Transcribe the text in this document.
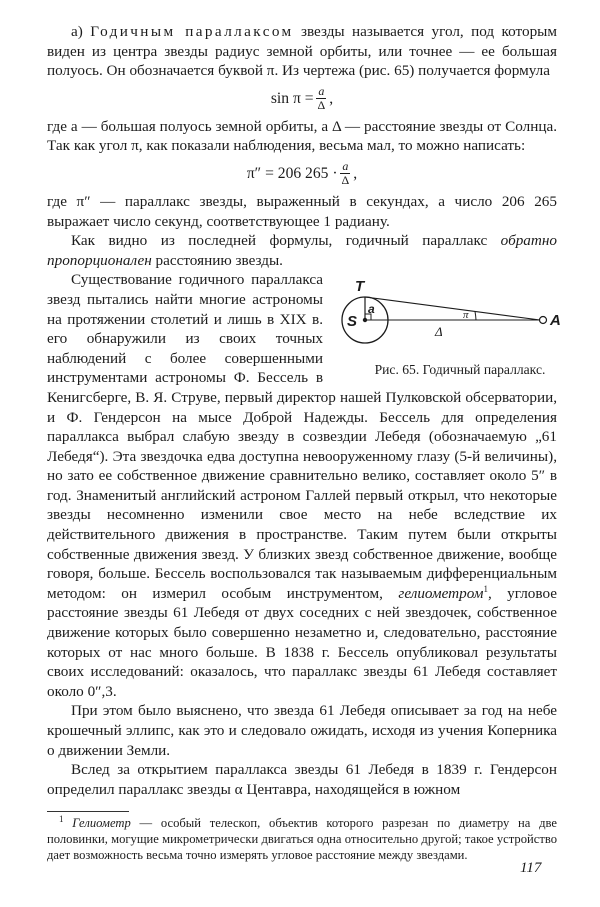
а) Годичным параллаксом звезды называется угол, под которым виден из центра звезды радиус земной орбиты, или точнее — ее большая полуось. Он обозначается буквой π. Из чертежа (рис. 65) получается формула

$\sin \pi = \frac{a}{\Delta}$ ,

где a — большая полуось земной орбиты, а Δ — расстояние звезды от Солнца. Так как угол π, как показали наблюдения, весьма мал, то можно написать:

π″ = 206 $265 \cdot \frac{a}{\Delta}$ ,

где π″ — параллакс звезды, выраженный в секундах, а число 206 265 выражает число секунд, соответствующее 1 радиану.

Как видно из последней формулы, годичный параллакс обратно пропорционален расстоянию звезды.

T
S
a	π
Δ
A
Рис. 65. Годичный параллакс.
Существование годичного параллакса звезд пытались найти многие астрономы на протяжении столетий и лишь в XIX в. его обнаружили из своих точных наблюдений с более совершенными инструментами астрономы Ф. Бессель в Кенигсберге, В. Я. Струве, первый директор нашей Пулковской обсерватории, и Ф. Гендерсон на мысе Доброй Надежды. Бессель для определения параллакса выбрал слабую звезду в созвездии Лебедя (обозначаемую „61 Лебедя“). Эта звездочка едва доступна невооруженному глазу (5-й величины), но зато ее собственное движение сравнительно велико, составляет около 5″ в год. Знаменитый английский астроном Галлей первый открыл, что некоторые звезды несомненно изменили свое место на небе вследствие их действительного движения в пространстве. Таким путем были открыты собственные движения звезд. У близких звезд собственное движение, вообще говоря, больше. Бессель воспользовался так называемым дифференциальным методом: он измерил особым инструментом, гелиометром$^1$, угловое расстояние звезды 61 Лебедя от двух соседних с ней звездочек, собственное движение которых было совершенно незаметно и, следовательно, расстояние которых от нас много больше. В 1838 г. Бессель опубликовал результаты своих исследований: оказалось, что параллакс звезды 61 Лебедя составляет около 0″,3.

При этом было выяснено, что звезда 61 Лебедя описывает за год на небе крошечный эллипс, как это и следовало ожидать, исходя из учения Коперника о движении Земли.

Вслед за открытием параллакса звезды 61 Лебедя в 1839 г. Гендерсон определил параллакс звезды α Центавра, находящейся в южном

$^1$ Гелиометр — особый телескоп, объектив которого разрезан по диаметру на две половинки, могущие микрометрически двигаться одна относительно другой; такое устройство дает возможность весьма точно измерять угловое расстояние между звездами.

117
